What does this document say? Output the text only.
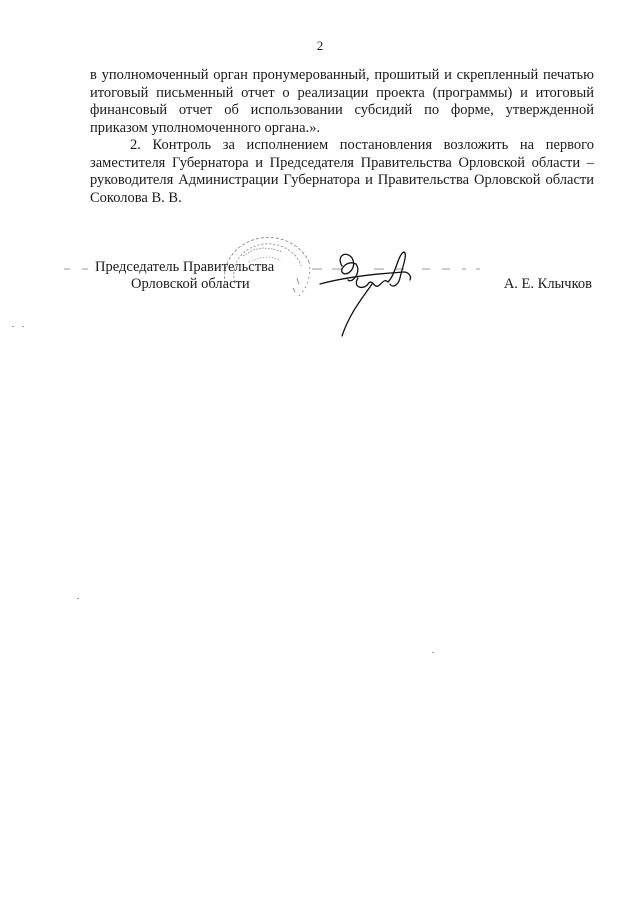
2

в уполномоченный орган пронумерованный, прошитый и скрепленный печатью итоговый письменный отчет о реализации проекта (программы) и итоговый финансовый отчет об использовании субсидий по форме, утвержденной приказом уполномоченного органа.».

2. Контроль за исполнением постановления возложить на первого заместителя Губернатора и Председателя Правительства Орловской области – руководителя Администрации Губернатора и Правительства Орловской области Соколова В. В.

Председатель Правительства
Орловской области	А. Е. Клычков
